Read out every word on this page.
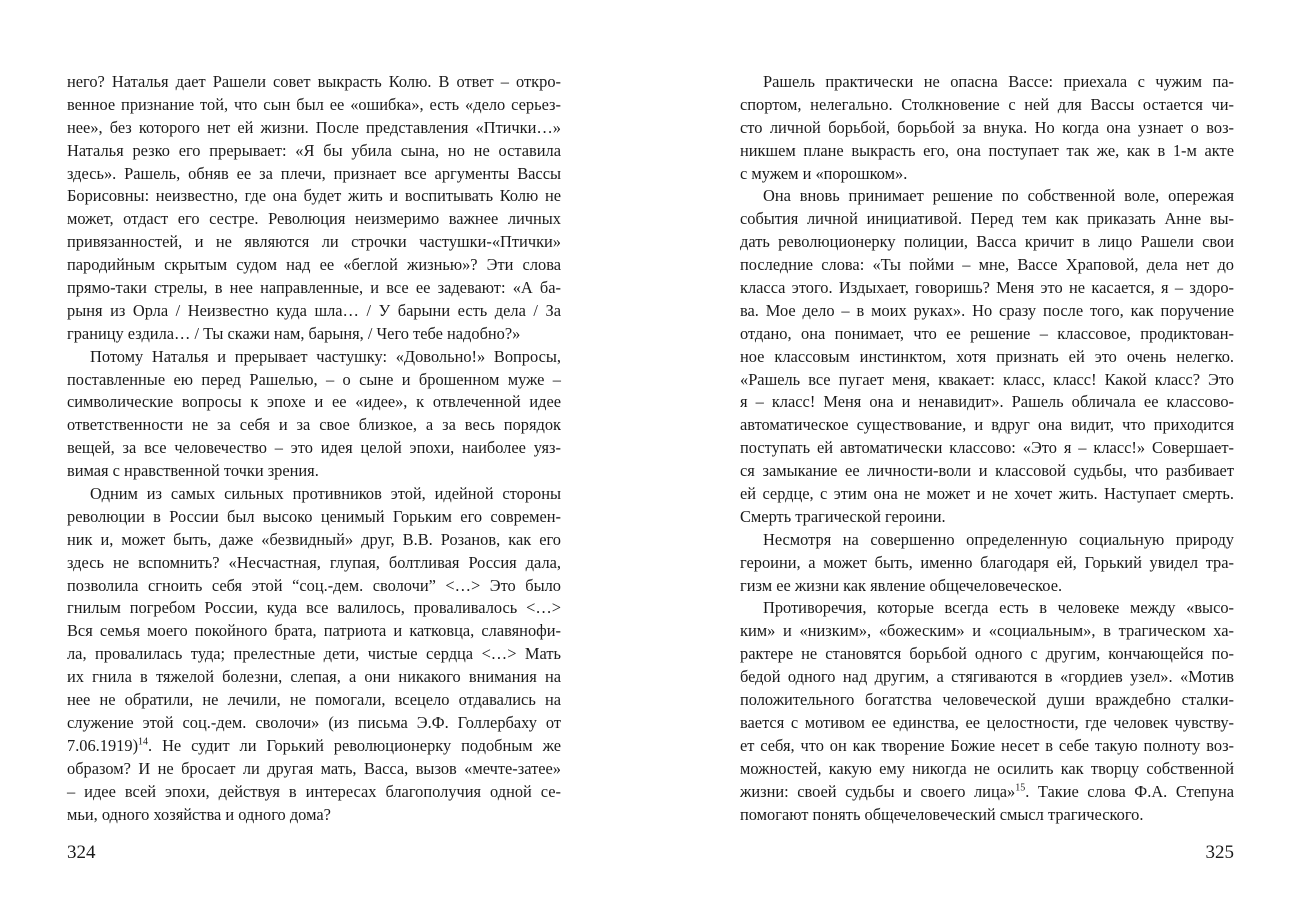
него? Наталья дает Рашели совет выкрасть Колю. В ответ – откро-
венное признание той, что сын был ее «ошибка», есть «дело серьез-
нее», без которого нет ей жизни. После представления «Птички…»
Наталья резко его прерывает: «Я бы убила сына, но не оставила
здесь». Рашель, обняв ее за плечи, признает все аргументы Вассы
Борисовны: неизвестно, где она будет жить и воспитывать Колю не
может, отдаст его сестре. Революция неизмеримо важнее личных
привязанностей, и не являются ли строчки частушки-«Птички»
пародийным скрытым судом над ее «беглой жизнью»? Эти слова
прямо-таки стрелы, в нее направленные, и все ее задевают: «А ба-
рыня из Орла / Неизвестно куда шла… / У барыни есть дела / За
границу ездила… / Ты скажи нам, барыня, / Чего тебе надобно?»
Потому Наталья и прерывает частушку: «Довольно!» Вопросы,
поставленные ею перед Рашелью, – о сыне и брошенном муже –
символические вопросы к эпохе и ее «идее», к отвлеченной идее
ответственности не за себя и за свое близкое, а за весь порядок
вещей, за все человечество – это идея целой эпохи, наиболее уяз-
вимая с нравственной точки зрения.
Одним из самых сильных противников этой, идейной стороны
революции в России был высоко ценимый Горьким его современ-
ник и, может быть, даже «безвидный» друг, В.В. Розанов, как его
здесь не вспомнить? «Несчастная, глупая, болтливая Россия дала,
позволила сгноить себя этой “соц.-дем. сволочи” <…> Это было
гнилым погребом России, куда все валилось, проваливалось <…>
Вся семья моего покойного брата, патриота и катковца, славянофи-
ла, провалилась туда; прелестные дети, чистые сердца <…> Мать
их гнила в тяжелой болезни, слепая, а они никакого внимания на
нее не обратили, не лечили, не помогали, всецело отдавались на
служение этой соц.-дем. сволочи» (из письма Э.Ф. Голлербаху от
7.06.1919)$^{14}$. Не судит ли Горький революционерку подобным же
образом? И не бросает ли другая мать, Васса, вызов «мечте-затее»
– идее всей эпохи, действуя в интересах благополучия одной се-
мьи, одного хозяйства и одного дома?
324
Рашель практически не опасна Вассе: приехала с чужим па-
спортом, нелегально. Столкновение с ней для Вассы остается чи-
сто личной борьбой, борьбой за внука. Но когда она узнает о воз-
никшем плане выкрасть его, она поступает так же, как в 1-м акте
с мужем и «порошком».
Она вновь принимает решение по собственной воле, опережая
события личной инициативой. Перед тем как приказать Анне вы-
дать революционерку полиции, Васса кричит в лицо Рашели свои
последние слова: «Ты пойми – мне, Вассе Храповой, дела нет до
класса этого. Издыхает, говоришь? Меня это не касается, я – здоро-
ва. Мое дело – в моих руках». Но сразу после того, как поручение
отдано, она понимает, что ее решение – классовое, продиктован-
ное классовым инстинктом, хотя признать ей это очень нелегко.
«Рашель все пугает меня, квакает: класс, класс! Какой класс? Это
я – класс! Меня она и ненавидит». Рашель обличала ее классово-
автоматическое существование, и вдруг она видит, что приходится
поступать ей автоматически классово: «Это я – класс!» Совершает-
ся замыкание ее личности-воли и классовой судьбы, что разбивает
ей сердце, с этим она не может и не хочет жить. Наступает смерть.
Смерть трагической героини.
Несмотря на совершенно определенную социальную природу
героини, а может быть, именно благодаря ей, Горький увидел тра-
гизм ее жизни как явление общечеловеческое.
Противоречия, которые всегда есть в человеке между «высо-
ким» и «низким», «божеским» и «социальным», в трагическом ха-
рактере не становятся борьбой одного с другим, кончающейся по-
бедой одного над другим, а стягиваются в «гордиев узел». «Мотив
положительного богатства человеческой души враждебно сталки-
вается с мотивом ее единства, ее целостности, где человек чувству-
ет себя, что он как творение Божие несет в себе такую полноту воз-
можностей, какую ему никогда не осилить как творцу собственной
жизни: своей судьбы и своего лица»$^{15}$. Такие слова Ф.А. Степуна
помогают понять общечеловеческий смысл трагического.
325
